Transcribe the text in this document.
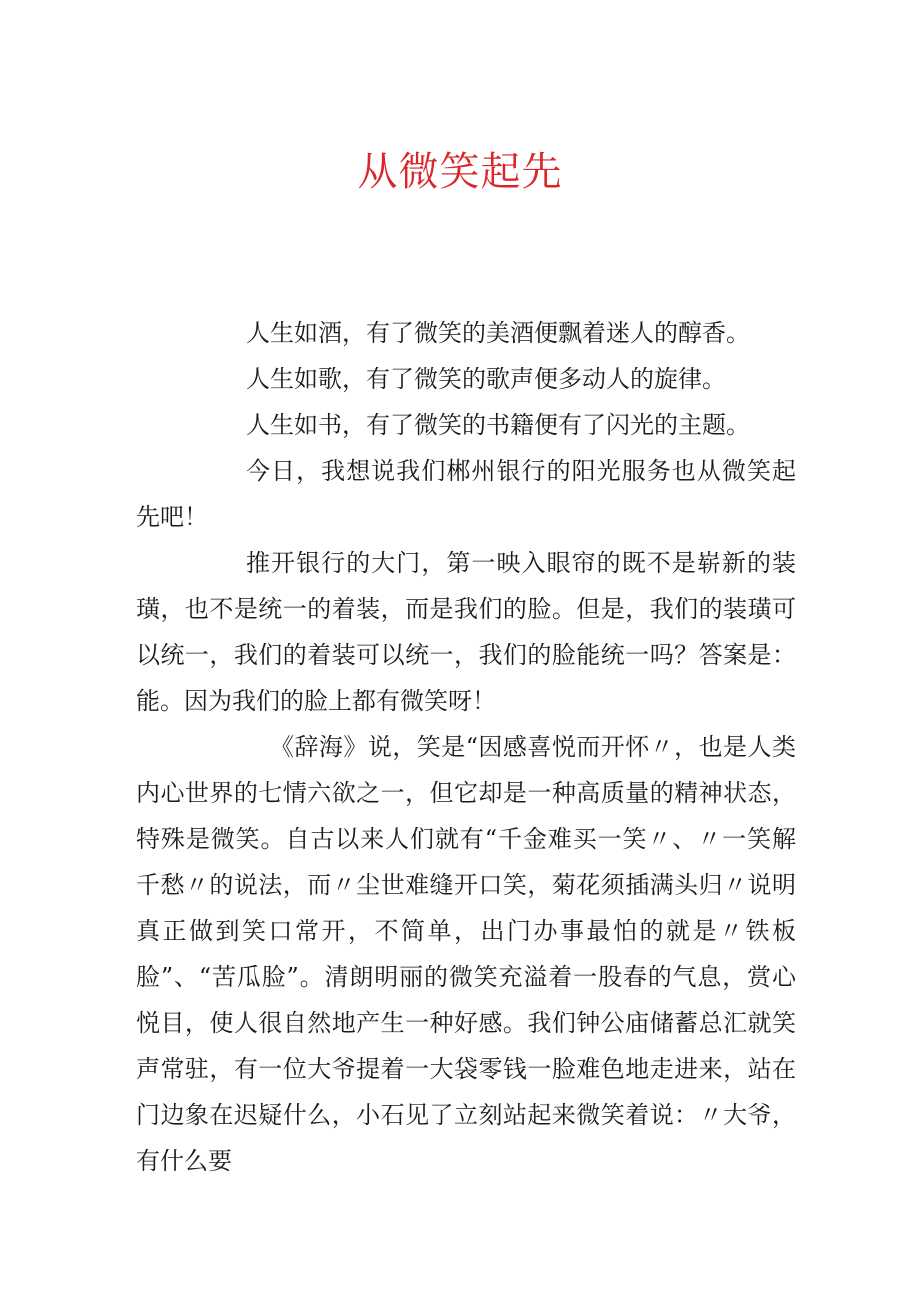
从微笑起先

人生如酒，有了微笑的美酒便飘着迷人的醇香。

人生如歌，有了微笑的歌声便多动人的旋律。

人生如书，有了微笑的书籍便有了闪光的主题。

今日，我想说我们郴州银行的阳光服务也从微笑起先吧！

推开银行的大门，第一映入眼帘的既不是崭新的装璜，也不是统一的着装，而是我们的脸。但是，我们的装璜可以统一，我们的着装可以统一，我们的脸能统一吗？答案是：能。因为我们的脸上都有微笑呀！

《辞海》说，笑是“因感喜悦而开怀〃，也是人类内心世界的七情六欲之一，但它却是一种高质量的精神状态，特殊是微笑。自古以来人们就有“千金难买一笑〃、〃一笑解千愁〃的说法，而〃尘世难缝开口笑，菊花须插满头归〃说明真正做到笑口常开，不简单，出门办事最怕的就是〃铁板脸”、“苦瓜脸”。清朗明丽的微笑充溢着一股春的气息，赏心悦目，使人很自然地产生一种好感。我们钟公庙储蓄总汇就笑声常驻，有一位大爷提着一大袋零钱一脸难色地走进来，站在门边象在迟疑什么，小石见了立刻站起来微笑着说：〃大爷，有什么要
